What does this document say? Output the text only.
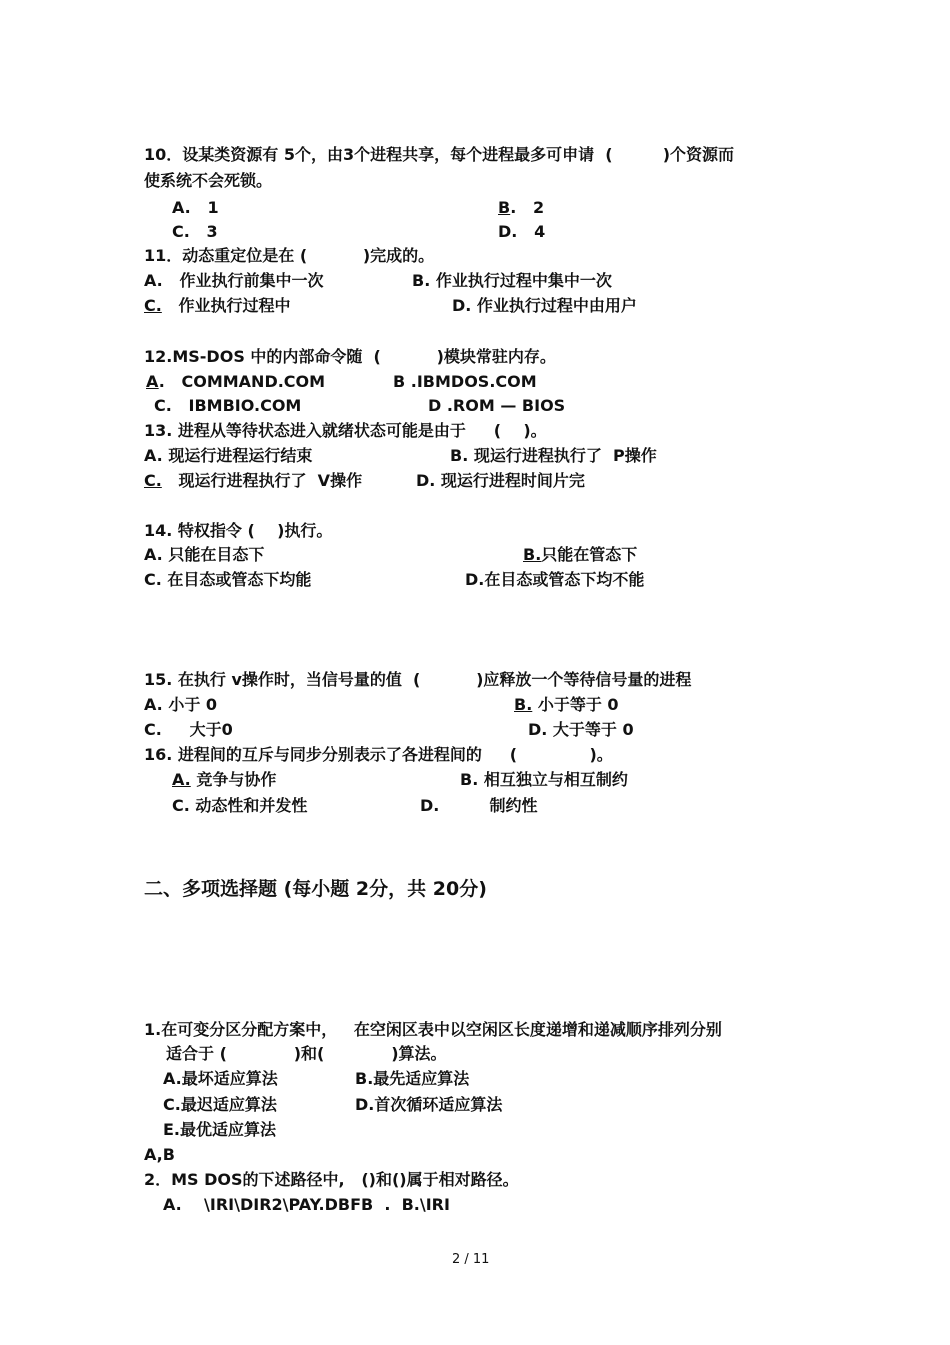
10．设某类资源有 5个，由3个进程共享，每个进程最多可申请  (         )个资源而
使系统不会死锁。
A.   1	B.   2
C.   3	D.   4
11．动态重定位是在 (          )完成的。
A.   作业执行前集中一次	B. 作业执行过程中集中一次
C.   作业执行过程中	D. 作业执行过程中由用户
12.MS-DOS 中的内部命令随  (          )模块常驻内存。
A.   COMMAND.COM	B .IBMDOS.COM
C.   IBMBIO.COM	D .ROM — BIOS
13. 进程从等待状态进入就绪状态可能是由于     (    )。
A. 现运行进程运行结束	B. 现运行进程执行了  P操作
C.   现运行进程执行了  V操作	D. 现运行进程时间片完
14. 特权指令 (    )执行。
A. 只能在目态下	B.只能在管态下
C. 在目态或管态下均能	D.在目态或管态下均不能
15. 在执行 v操作时，当信号量的值  (          )应释放一个等待信号量的进程
A. 小于 0	B. 小于等于 0
C.     大于0	D. 大于等于 0
16. 进程间的互斥与同步分别表示了各进程间的     (             )。
A. 竞争与协作	B. 相互独立与相互制约
C. 动态性和并发性	D.         制约性
二、多项选择题 (每小题 2分，共 20分)
1.在可变分区分配方案中，   在空闲区表中以空闲区长度递增和递减顺序排列分别
适合于 (            )和(            )算法。
A.最坏适应算法	B.最先适应算法
C.最迟适应算法	D.首次循环适应算法
E.最优适应算法
A,B
2．MS DOS的下述路径中,   ()和()属于相对路径。
A.    \IRI\DIR2\PAY.DBFB  .  B.\IRI
2 / 11
